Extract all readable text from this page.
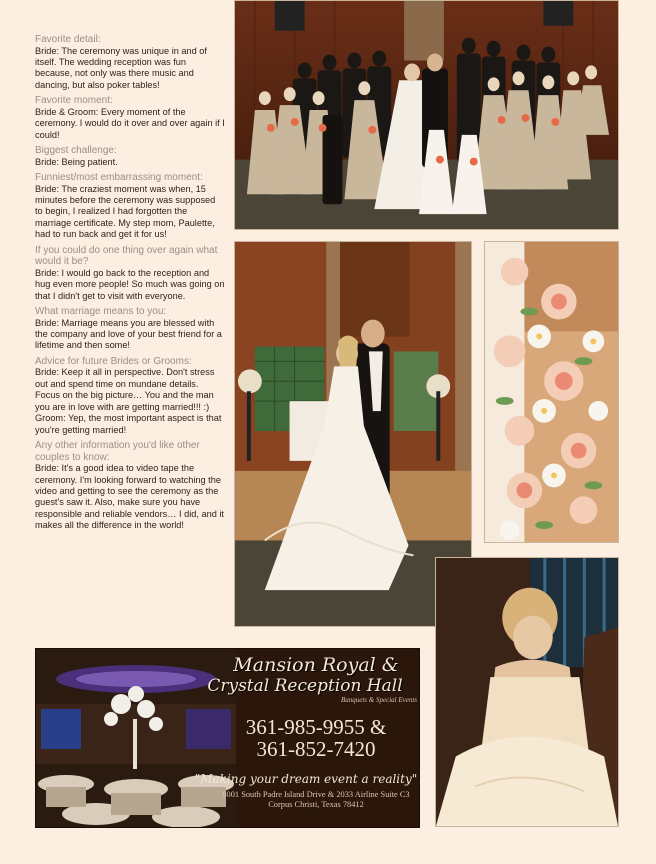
Favorite detail:
Bride: The ceremony was unique in and of itself. The wedding reception was fun because, not only was there music and dancing, but also poker tables!
Favorite moment:
Bride & Groom: Every moment of the ceremony. I would do it over and over again if I could!
Biggest challenge:
Bride: Being patient.
Funniest/most embarrassing moment:
Bride: The craziest moment was when, 15 minutes before the ceremony was supposed to begin, I realized I had forgotten the marriage certificate. My step mom, Paulette, had to run back and get it for us!
If you could do one thing over again what would it be?
Bride: I would go back to the reception and hug even more people! So much was going on that I didn't get to visit with everyone.
What marriage means to you:
Bride: Marriage means you are blessed with the company and love of your best friend for a lifetime and then some!
Advice for future Brides or Grooms:
Bride: Keep it all in perspective. Don't stress out and spend time on mundane details. Focus on the big picture… You and the man you are in love with are getting married!!! :)
Groom: Yep, the most important aspect is that you're getting married!
Any other information you'd like other couples to know:
Bride: It's a good idea to video tape the ceremony. I'm looking forward to watching the video and getting to see the ceremony as the guest's saw it. Also, make sure you have responsible and reliable vendors… I did, and it makes all the difference in the world!
Mansion Royal &
Crystal Reception Hall
Banquets & Special Events
361-985-9955 &
361-852-7420
"Making your dream event a reality"
8001 South Padre Island Drive & 2033 Airline Suite C3
Corpus Christi, Texas 78412
